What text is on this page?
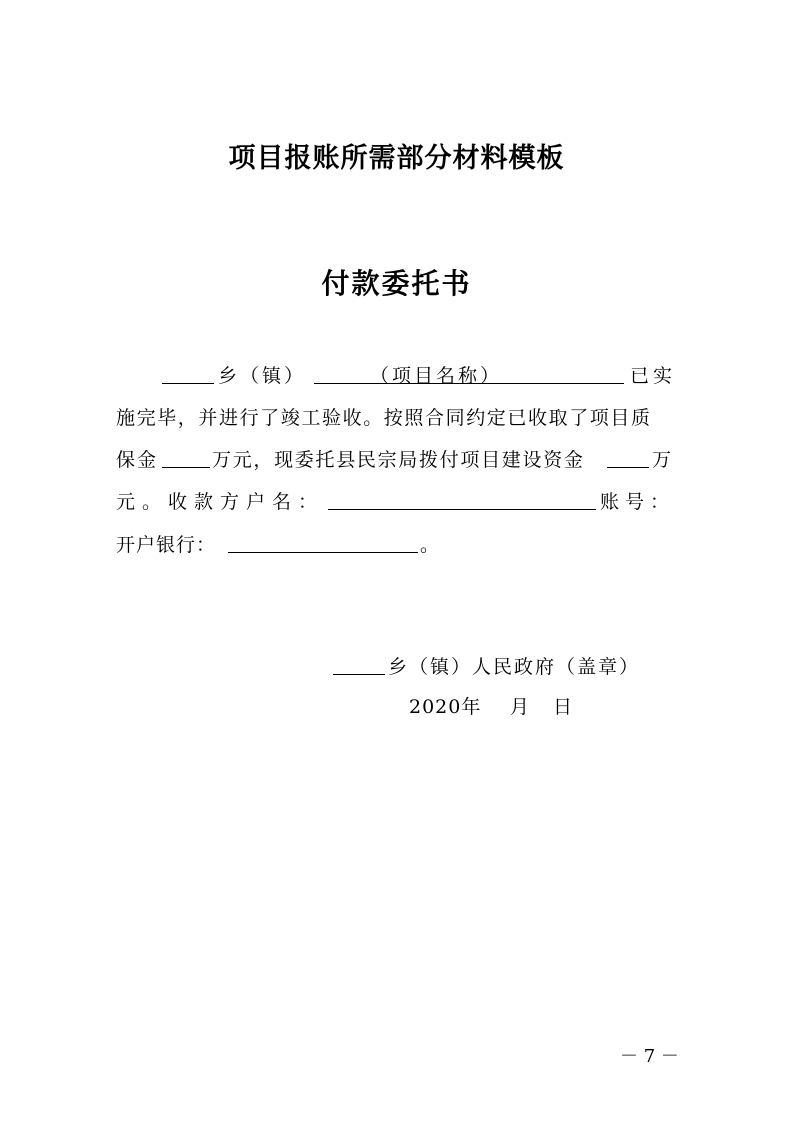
项目报账所需部分材料模板
付款委托书
乡（镇）	（项目名称）	已实
施完毕，并进行了竣工验收。按照合同约定已收取了项目质
保金	万元，现委托县民宗局拨付项目建设资金	万
元。收款方户名：	账号：
开户银行：	。
乡（镇）人民政府（盖章）
2020年 月 日
－ 7 －
